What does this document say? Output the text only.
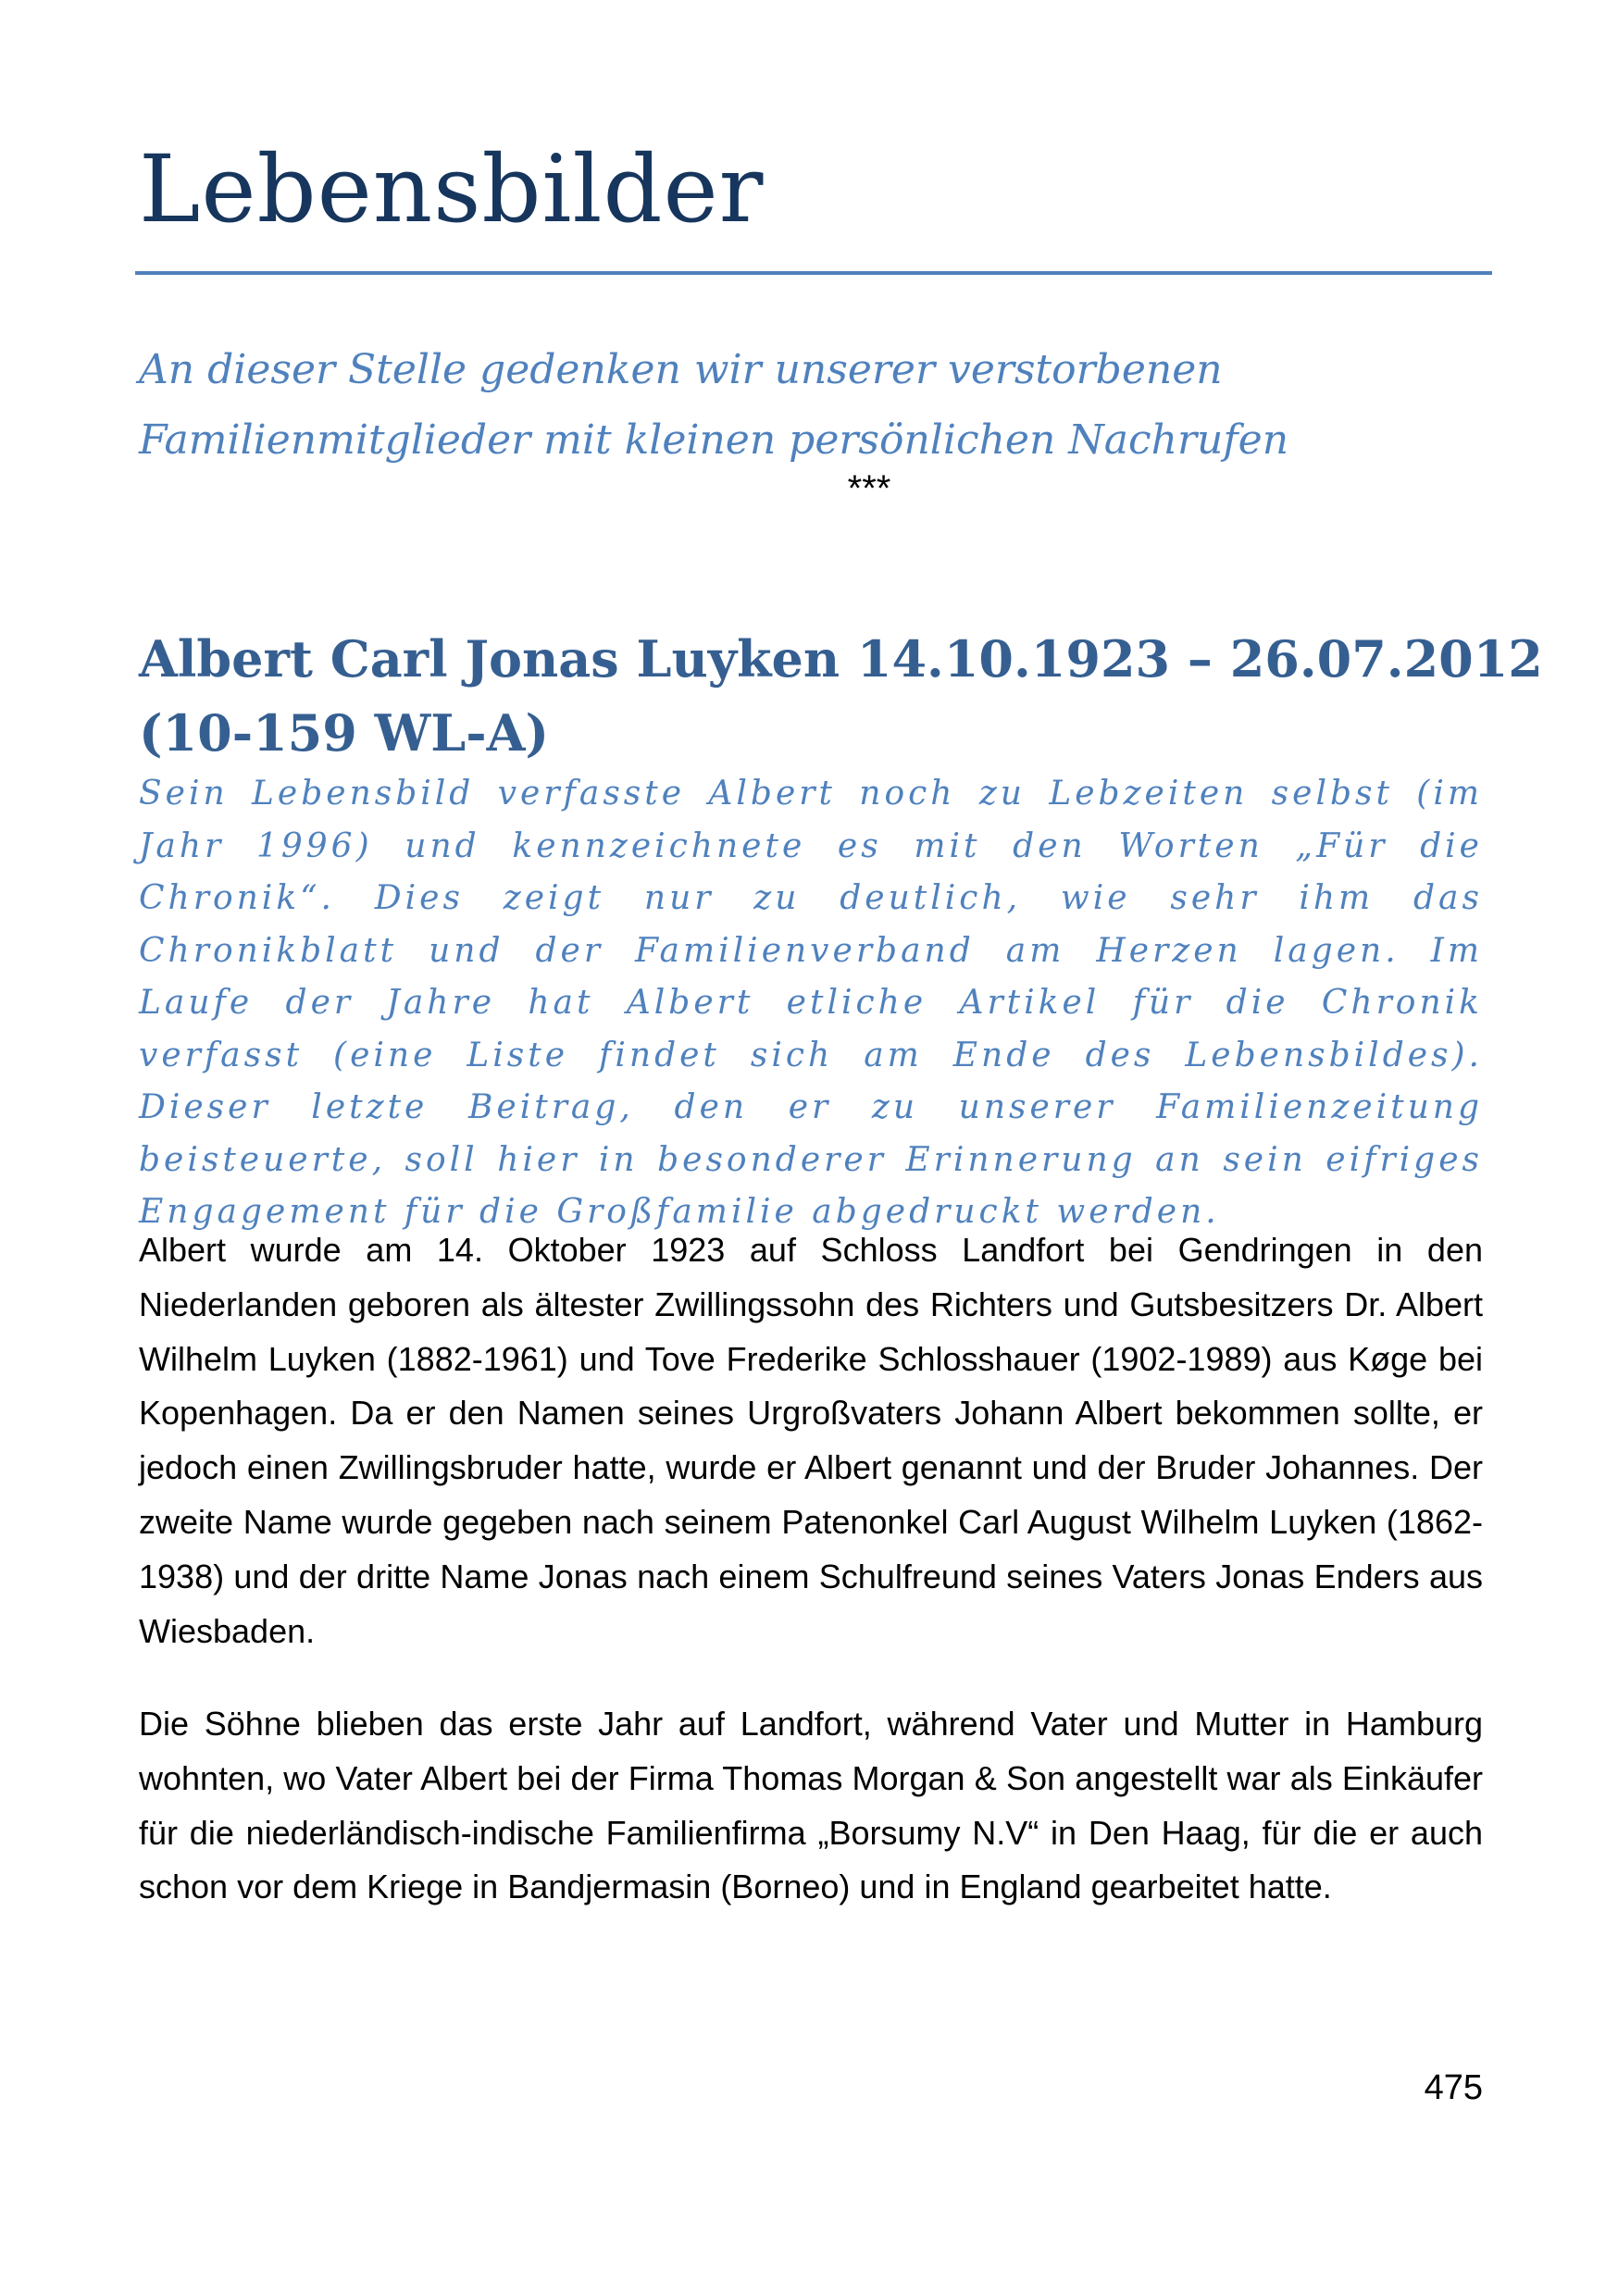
Lebensbilder
An dieser Stelle gedenken wir unserer verstorbenen
Familienmitglieder mit kleinen persönlichen Nachrufen
***
Albert Carl Jonas Luyken 14.10.1923 – 26.07.2012
(10-159 WL-A)
Sein Lebensbild verfasste Albert noch zu Lebzeiten selbst (im Jahr 1996) und kennzeichnete es mit den Worten „Für die Chronik“. Dies zeigt nur zu deutlich, wie sehr ihm das Chronikblatt und der Familienverband am Herzen lagen. Im Laufe der Jahre hat Albert etliche Artikel für die Chronik verfasst (eine Liste findet sich am Ende des Lebensbildes). Dieser letzte Beitrag, den er zu unserer Familienzeitung beisteuerte, soll hier in besonderer Erinnerung an sein eifriges Engagement für die Großfamilie abgedruckt werden.
Albert wurde am 14. Oktober 1923 auf Schloss Landfort bei Gendringen in den Niederlanden geboren als ältester Zwillingssohn des Richters und Gutsbesitzers Dr. Albert Wilhelm Luyken (1882-1961) und Tove Frederike Schlosshauer (1902-1989) aus Køge bei Kopenhagen. Da er den Namen seines Urgroßvaters Johann Albert bekommen sollte, er jedoch einen Zwillingsbruder hatte, wurde er Albert genannt und der Bruder Johannes. Der zweite Name wurde gegeben nach seinem Patenonkel Carl August Wilhelm Luyken (1862-1938) und der dritte Name Jonas nach einem Schulfreund seines Vaters Jonas Enders aus Wiesbaden.
Die Söhne blieben das erste Jahr auf Landfort, während Vater und Mutter in Hamburg wohnten, wo Vater Albert bei der Firma Thomas Morgan & Son angestellt war als Einkäufer für die niederländisch-indische Familienfirma „Borsumy N.V“ in Den Haag, für die er auch schon vor dem Kriege in Bandjermasin (Borneo) und in England gearbeitet hatte.
475
